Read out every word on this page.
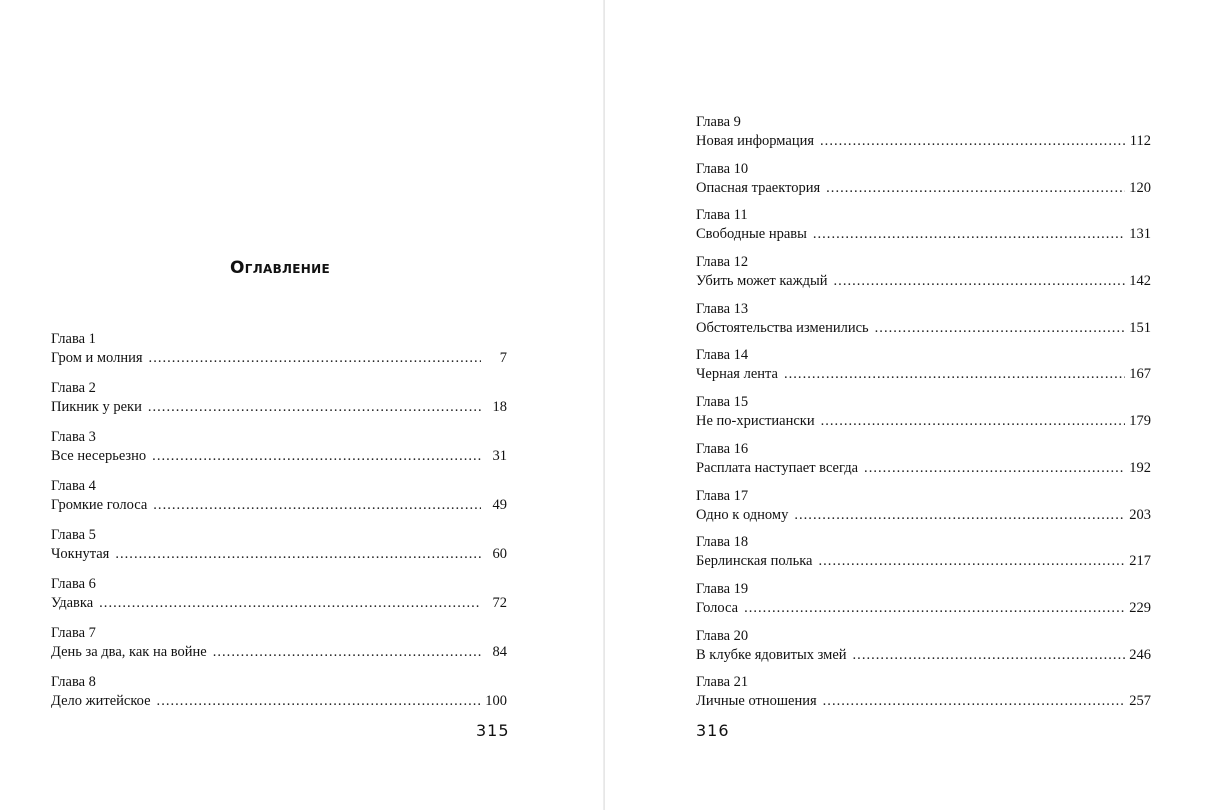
Оглавление
Глава 1
Гром и молния . . .	7
Глава 2
Пикник у реки . . .	18
Глава 3
Все несерьезно . . .	31
Глава 4
Громкие голоса . . .	49
Глава 5
Чокнутая . . .	60
Глава 6
Удавка . . .	72
Глава 7
День за два, как на войне . . .	84
Глава 8
Дело житейское . . .	100
315
Глава 9
Новая информация . . .	112
Глава 10
Опасная траектория . . .	120
Глава 11
Свободные нравы . . .	131
Глава 12
Убить может каждый . . .	142
Глава 13
Обстоятельства изменились . . .	151
Глава 14
Черная лента . . .	167
Глава 15
Не по-христиански . . .	179
Глава 16
Расплата наступает всегда . . .	192
Глава 17
Одно к одному . . .	203
Глава 18
Берлинская полька . . .	217
Глава 19
Голоса . . .	229
Глава 20
В клубке ядовитых змей . . .	246
Глава 21
Личные отношения . . .	257
316
